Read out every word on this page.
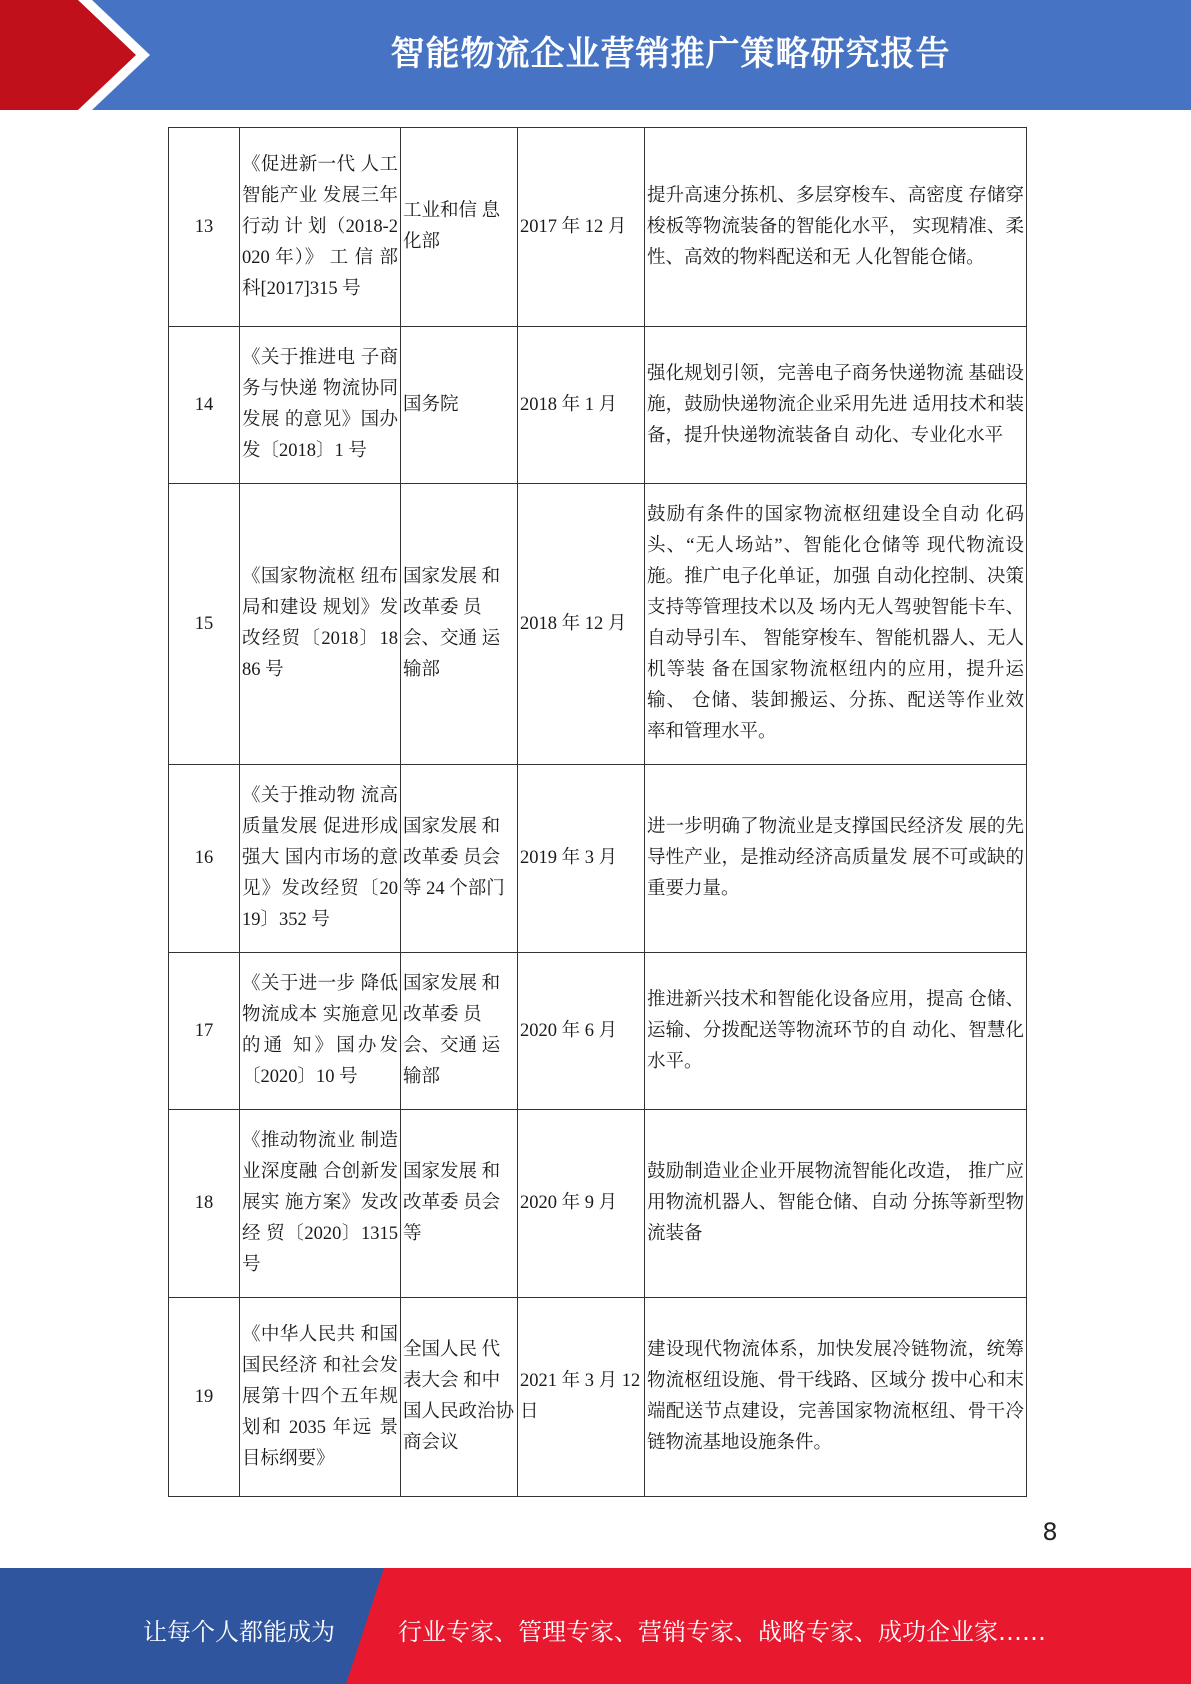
智能物流企业营销推广策略研究报告
13	《促进新一代 人工智能产业 发展三年行动 计 划（2018-2020 年）》 工 信 部 科[2017]315 号	工业和信 息化部	2017 年 12 月	提升高速分拣机、多层穿梭车、高密度 存储穿梭板等物流装备的智能化水平， 实现精准、柔性、高效的物料配送和无 人化智能仓储。
14	《关于推进电 子商务与快递 物流协同发展 的意见》国办发〔2018〕1 号	国务院	2018 年 1 月	强化规划引领，完善电子商务快递物流 基础设施，鼓励快递物流企业采用先进 适用技术和装备，提升快递物流装备自 动化、专业化水平
15	《国家物流枢 纽布局和建设 规划》发改经贸〔2018〕1886 号	国家发展 和改革委 员会、交通 运输部	2018 年 12 月	鼓励有条件的国家物流枢纽建设全自动 化码头、“无人场站”、智能化仓储等 现代物流设施。推广电子化单证，加强 自动化控制、决策支持等管理技术以及 场内无人驾驶智能卡车、自动导引车、 智能穿梭车、智能机器人、无人机等装 备在国家物流枢纽内的应用，提升运输、 仓储、装卸搬运、分拣、配送等作业效 率和管理水平。
16	《关于推动物 流高质量发展 促进形成强大 国内市场的意 见》发改经贸〔2019〕352 号	国家发展 和改革委 员会等 24 个部门	2019 年 3 月	进一步明确了物流业是支撑国民经济发 展的先导性产业，是推动经济高质量发 展不可或缺的重要力量。
17	《关于进一步 降低物流成本 实施意见的通 知》国办发〔2020〕10 号	国家发展 和改革委 员会、交通 运输部	2020 年 6 月	推进新兴技术和智能化设备应用，提高 仓储、运输、分拨配送等物流环节的自 动化、智慧化水平。
18	《推动物流业 制造业深度融 合创新发展实 施方案》发改经 贸〔2020〕1315 号	国家发展 和改革委 员会等	2020 年 9 月	鼓励制造业企业开展物流智能化改造， 推广应用物流机器人、智能仓储、自动 分拣等新型物流装备
19	《中华人民共 和国国民经济 和社会发展第十四个五年规 划和 2035 年远 景目标纲要》	全国人民 代表大会 和中国人民政治协 商会议	2021 年 3 月 12 日	建设现代物流体系，加快发展冷链物流，统筹物流枢纽设施、骨干线路、区域分 拨中心和末端配送节点建设，完善国家物流枢纽、骨干冷链物流基地设施条件。
8
让每个人都能成为	行业专家、管理专家、营销专家、战略专家、成功企业家……
